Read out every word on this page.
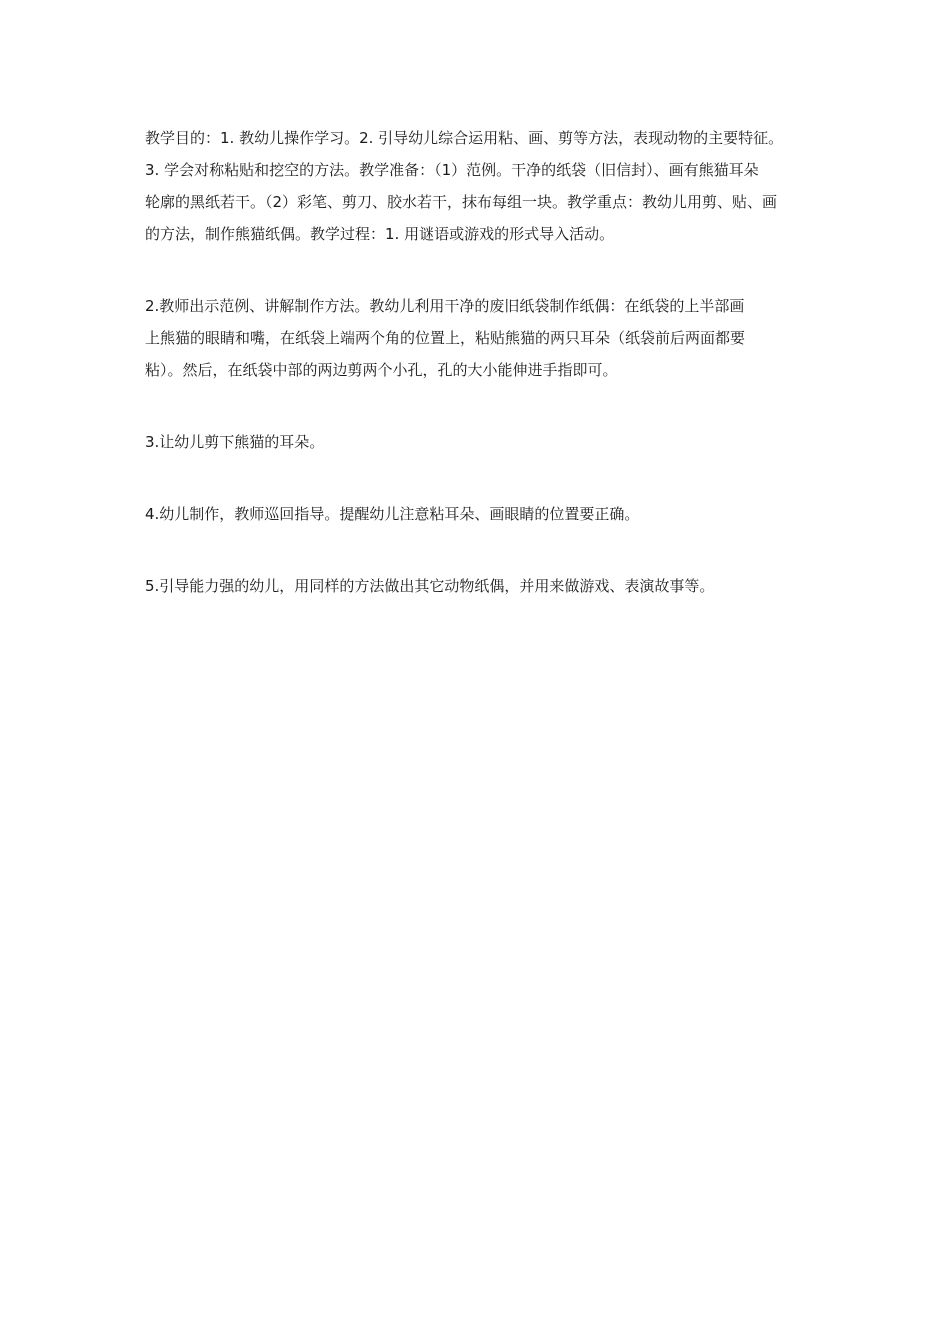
教学目的：1. 教幼儿操作学习。2. 引导幼儿综合运用粘、画、剪等方法，表现动物的主要特征。
3. 学会对称粘贴和挖空的方法。教学准备：（1）范例。干净的纸袋（旧信封）、画有熊猫耳朵
轮廓的黑纸若干。（2）彩笔、剪刀、胶水若干，抹布每组一块。教学重点：教幼儿用剪、贴、画
的方法，制作熊猫纸偶。教学过程：1. 用谜语或游戏的形式导入活动。

2.教师出示范例、讲解制作方法。教幼儿利用干净的废旧纸袋制作纸偶：在纸袋的上半部画
上熊猫的眼睛和嘴，在纸袋上端两个角的位置上，粘贴熊猫的两只耳朵（纸袋前后两面都要
粘）。然后，在纸袋中部的两边剪两个小孔，孔的大小能伸进手指即可。

3.让幼儿剪下熊猫的耳朵。

4.幼儿制作，教师巡回指导。提醒幼儿注意粘耳朵、画眼睛的位置要正确。

5.引导能力强的幼儿，用同样的方法做出其它动物纸偶，并用来做游戏、表演故事等。
